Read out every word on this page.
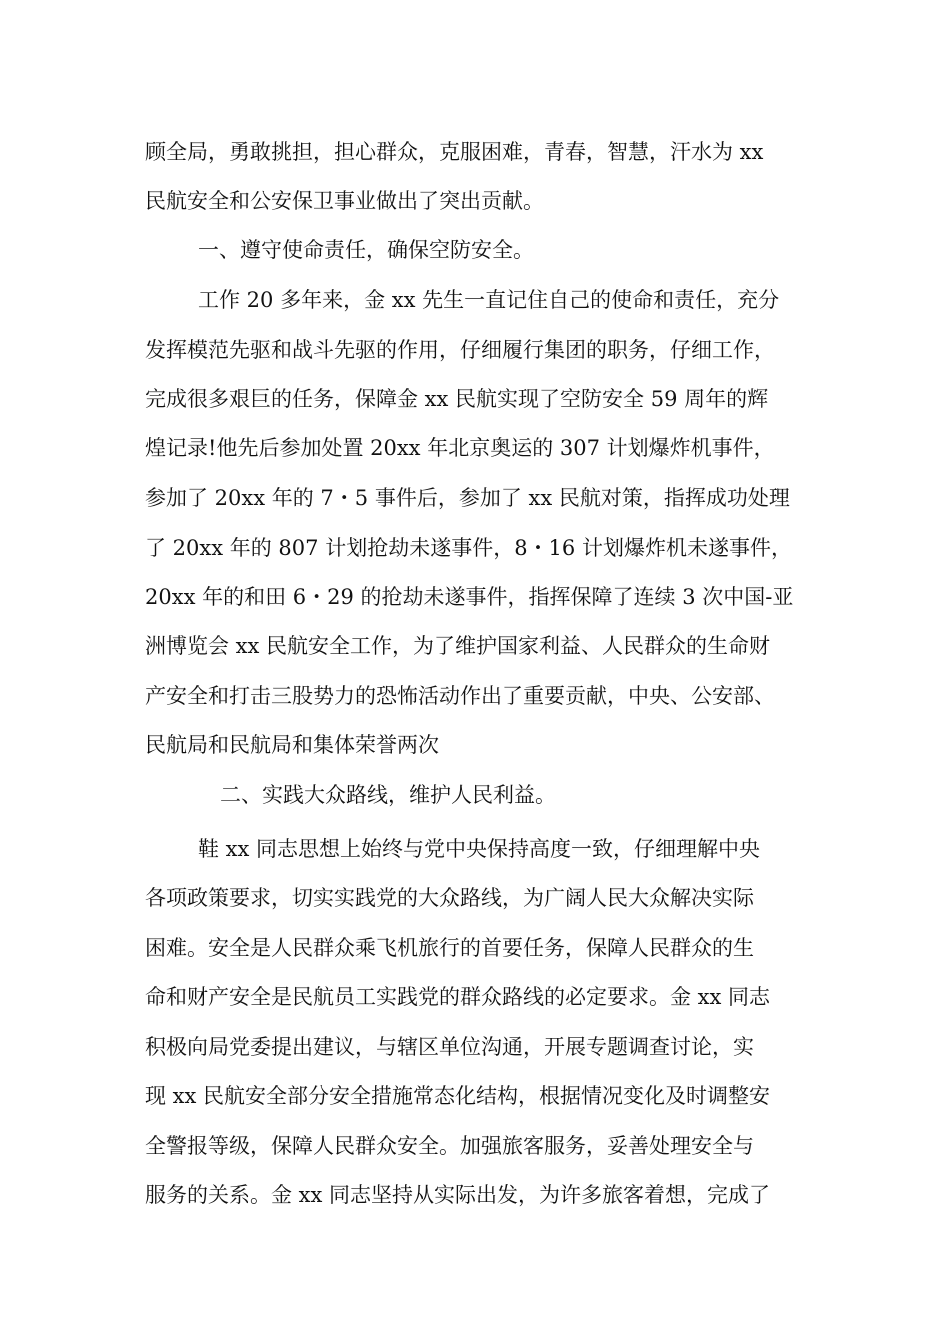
顾全局，勇敢挑担，担心群众，克服困难，青春，智慧，汗水为 xx

民航安全和公安保卫事业做出了突出贡献。

一、遵守使命责任，确保空防安全。

工作 20 多年来，金 xx 先生一直记住自己的使命和责任，充分

发挥模范先驱和战斗先驱的作用，仔细履行集团的职务，仔细工作，

完成很多艰巨的任务，保障金 xx 民航实现了空防安全 59 周年的辉

煌记录!他先后参加处置 20xx 年北京奥运的 307 计划爆炸机事件，

参加了 20xx 年的 7・5 事件后，参加了 xx 民航对策，指挥成功处理

了 20xx 年的 807 计划抢劫未遂事件，8・16 计划爆炸机未遂事件，

20xx 年的和田 6・29 的抢劫未遂事件，指挥保障了连续 3 次中国-亚

洲博览会 xx 民航安全工作，为了维护国家利益、人民群众的生命财

产安全和打击三股势力的恐怖活动作出了重要贡献，中央、公安部、

民航局和民航局和集体荣誉两次

二、实践大众路线，维护人民利益。

鞋 xx 同志思想上始终与党中央保持高度一致，仔细理解中央

各项政策要求，切实实践党的大众路线，为广阔人民大众解决实际

困难。安全是人民群众乘飞机旅行的首要任务，保障人民群众的生

命和财产安全是民航员工实践党的群众路线的必定要求。金 xx 同志

积极向局党委提出建议，与辖区单位沟通，开展专题调查讨论，实

现 xx 民航安全部分安全措施常态化结构，根据情况变化及时调整安

全警报等级，保障人民群众安全。加强旅客服务，妥善处理安全与

服务的关系。金 xx 同志坚持从实际出发，为许多旅客着想，完成了
